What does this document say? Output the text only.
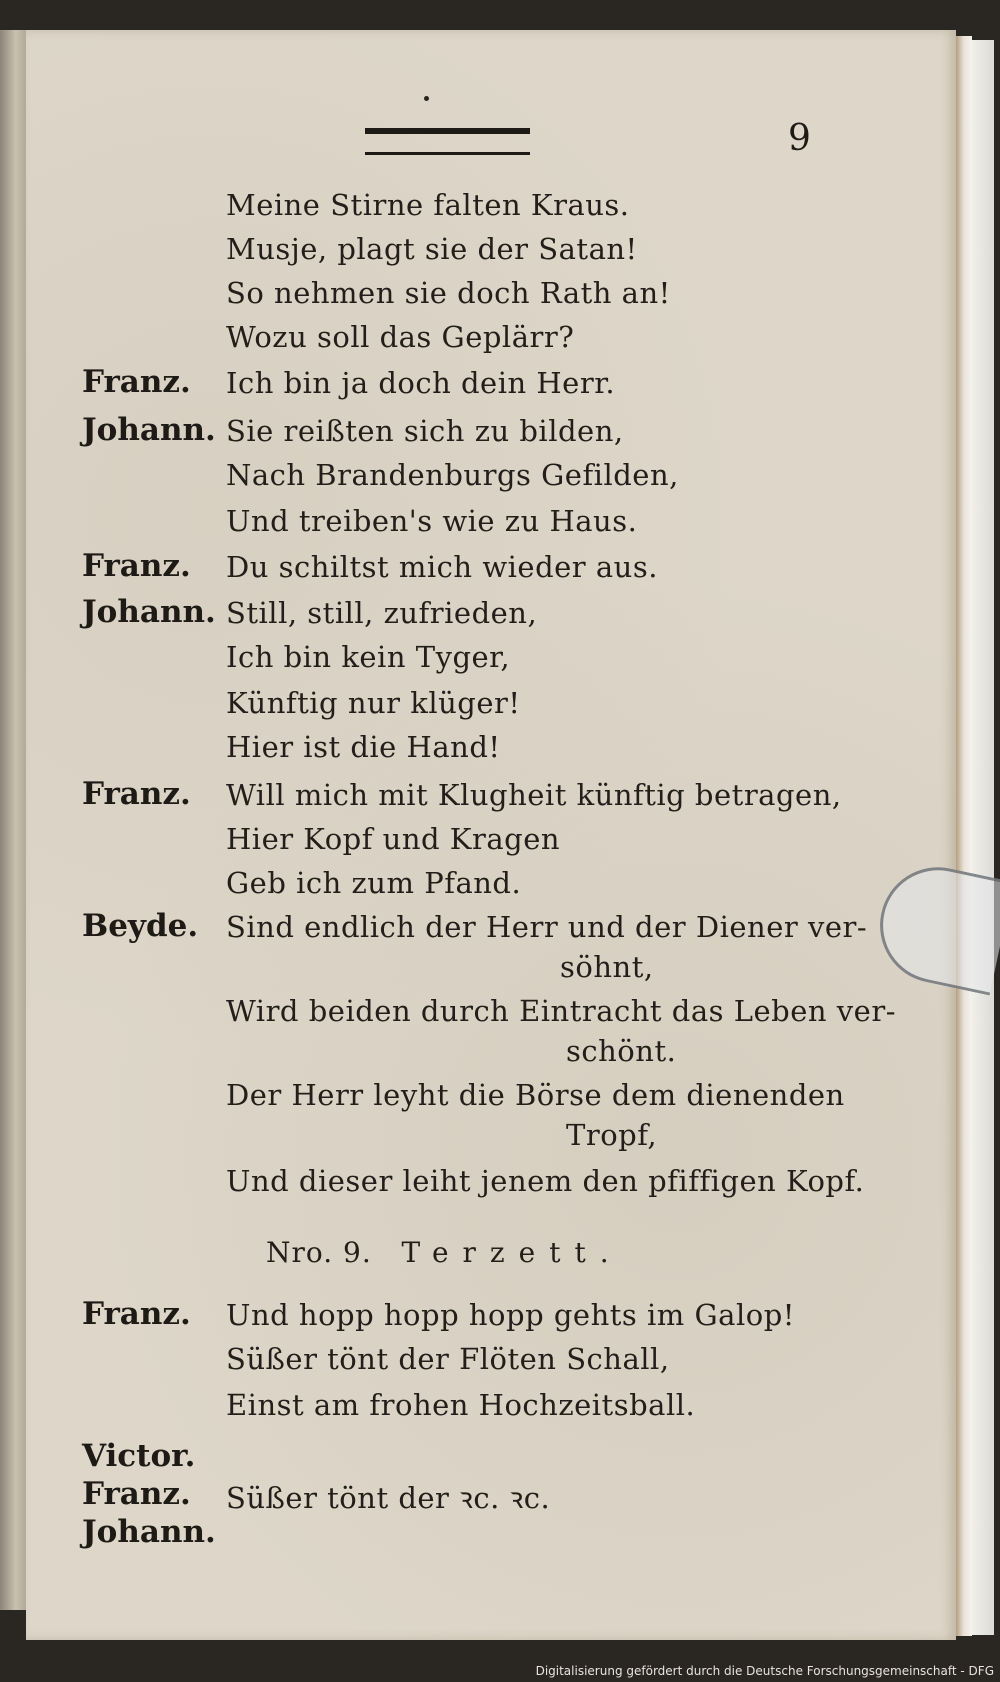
9
Meine Stirne falten Kraus.
Musje, plagt sie der Satan!
So nehmen sie doch Rath an!
Wozu soll das Geplärr?
Franz. Ich bin ja doch dein Herr.
Johann. Sie reißten sich zu bilden,
Nach Brandenburgs Gefilden,
Und treiben's wie zu Haus.
Franz. Du schiltst mich wieder aus.
Johann. Still, still, zufrieden,
Ich bin kein Tyger,
Künftig nur klüger!
Hier ist die Hand!
Franz. Will mich mit Klugheit künftig betragen,
Hier Kopf und Kragen
Geb ich zum Pfand.
Beyde. Sind endlich der Herr und der Diener ver-
söhnt,
Wird beiden durch Eintracht das Leben ver-
schönt.
Der Herr leyht die Börse dem dienenden
Tropf,
Und dieser leiht jenem den pfiffigen Kopf.
Nro. 9. Terzett.
Franz. Und hopp hopp hopp gehts im Galop!
Süßer tönt der Flöten Schall,
Einst am frohen Hochzeitsball.
Victor.
Franz. Süßer tönt der ꝛc. ꝛc.
Johann.
Digitalisierung gefördert durch die Deutsche Forschungsgemeinschaft - DFG
